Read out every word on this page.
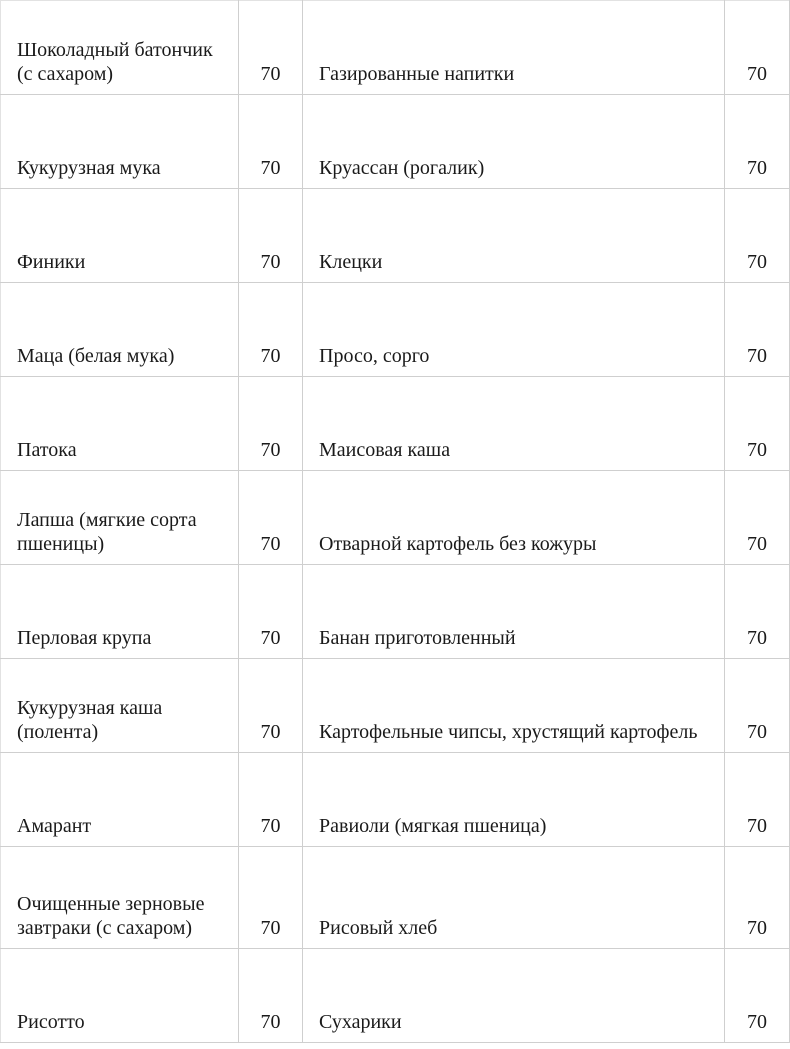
Шоколадный батончик (с сахаром)	70	Газированные напитки	70
Кукурузная мука	70	Круассан (рогалик)	70
Финики	70	Клецки	70
Маца (белая мука)	70	Просо, сорго	70
Патока	70	Маисовая каша	70
Лапша (мягкие сорта пшеницы)	70	Отварной картофель без кожуры	70
Перловая крупа	70	Банан приготовленный	70
Кукурузная каша (полента)	70	Картофельные чипсы, хрустящий картофель	70
Амарант	70	Равиоли (мягкая пшеница)	70
Очищенные зерновые завтраки (с сахаром)	70	Рисовый хлеб	70
Рисотто	70	Сухарики	70
